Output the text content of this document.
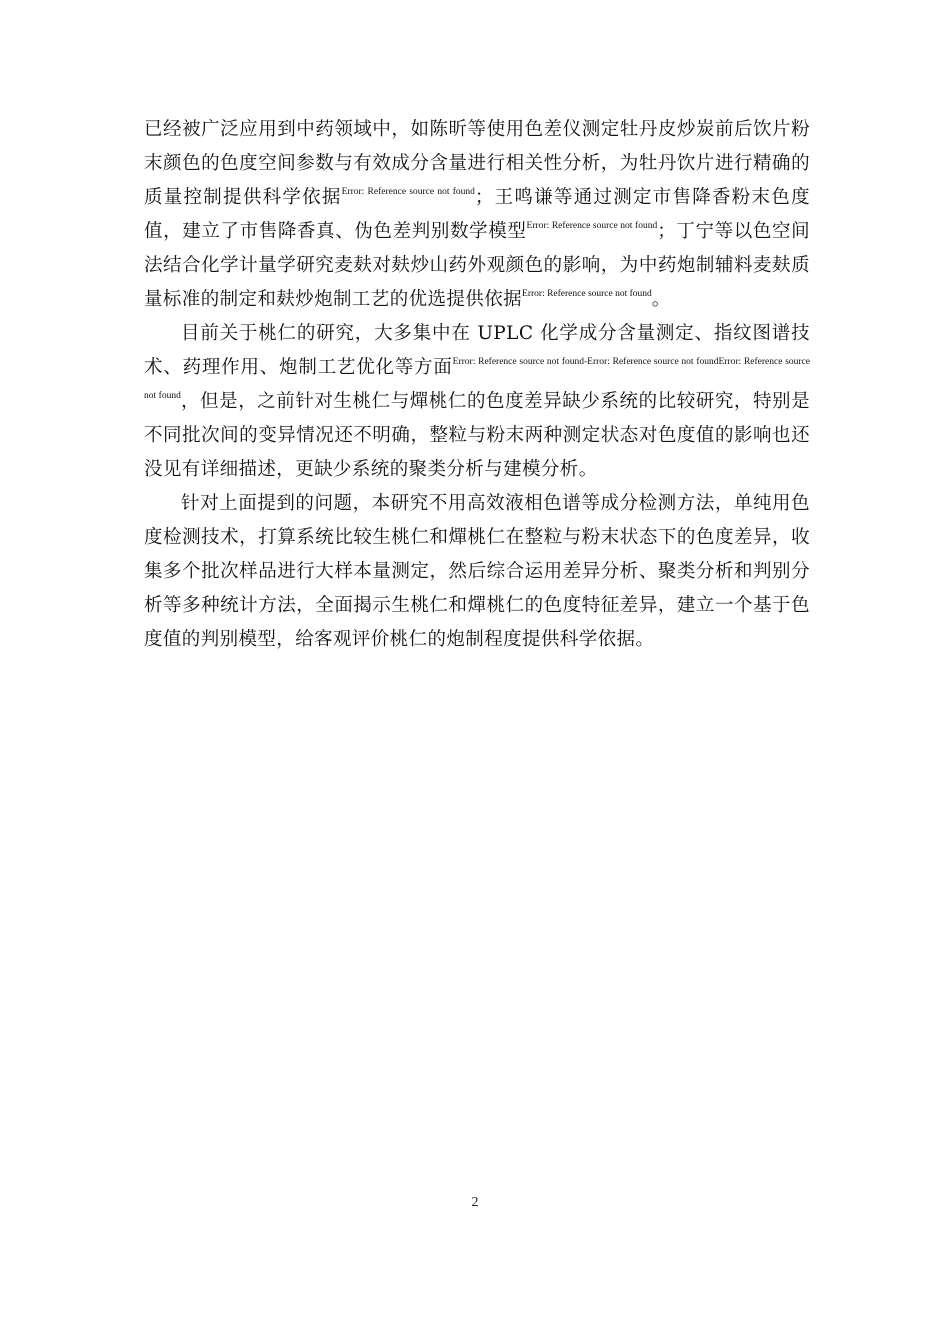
已经被广泛应用到中药领域中，如陈昕等使用色差仪测定牡丹皮炒炭前后饮片粉末颜色的色度空间参数与有效成分含量进行相关性分析，为牡丹饮片进行精确的质量控制提供科学依据$^{Error: Reference source not found}$；王鸣谦等通过测定市售降香粉末色度值，建立了市售降香真、伪色差判别数学模型$^{Error: Reference source not found}$；丁宁等以色空间法结合化学计量学研究麦麸对麸炒山药外观颜色的影响，为中药炮制辅料麦麸质量标准的制定和麸炒炮制工艺的优选提供依据$^{Error: Reference source not found}$。

目前关于桃仁的研究，大多集中在 UPLC 化学成分含量测定、指纹图谱技术、药理作用、炮制工艺优化等方面$^{Error: Reference source not found-Error: Reference source not foundError: Reference source not found}$，但是，之前针对生桃仁与燀桃仁的色度差异缺少系统的比较研究，特别是不同批次间的变异情况还不明确，整粒与粉末两种测定状态对色度值的影响也还没见有详细描述，更缺少系统的聚类分析与建模分析。

针对上面提到的问题，本研究不用高效液相色谱等成分检测方法，单纯用色度检测技术，打算系统比较生桃仁和燀桃仁在整粒与粉末状态下的色度差异，收集多个批次样品进行大样本量测定，然后综合运用差异分析、聚类分析和判别分析等多种统计方法，全面揭示生桃仁和燀桃仁的色度特征差异，建立一个基于色度值的判别模型，给客观评价桃仁的炮制程度提供科学依据。

2
